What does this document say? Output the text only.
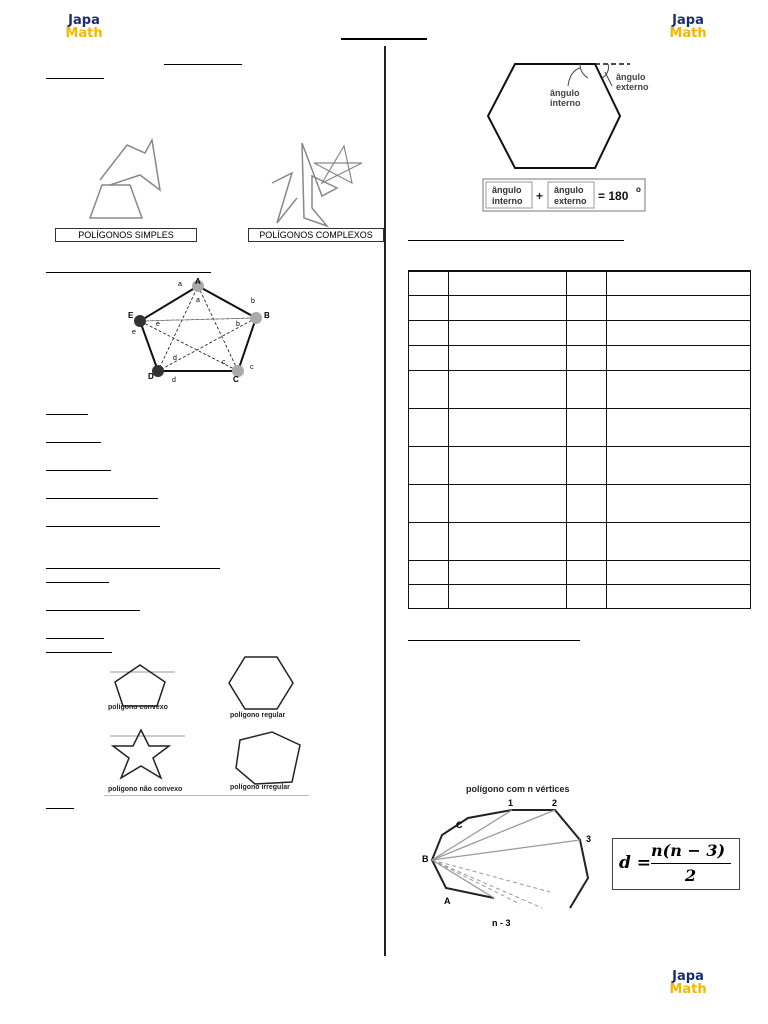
Japa
Math
Japa
Math
Japa
Math
POLÍGONOS SIMPLES	POLÍGONOS COMPLEXOS
A
B
C
D
E
a
b
c
d
e
a
b
c
d
e
polígono convexo
polígono regular
polígono não convexo	polígono irregular
ângulo
interno
ângulo
externo
ângulo
interno + ângulo
externo = 180 o

polígono com n vértices
1	2
3
n - 3
A
B
C
d =
n(n − 3)
2
